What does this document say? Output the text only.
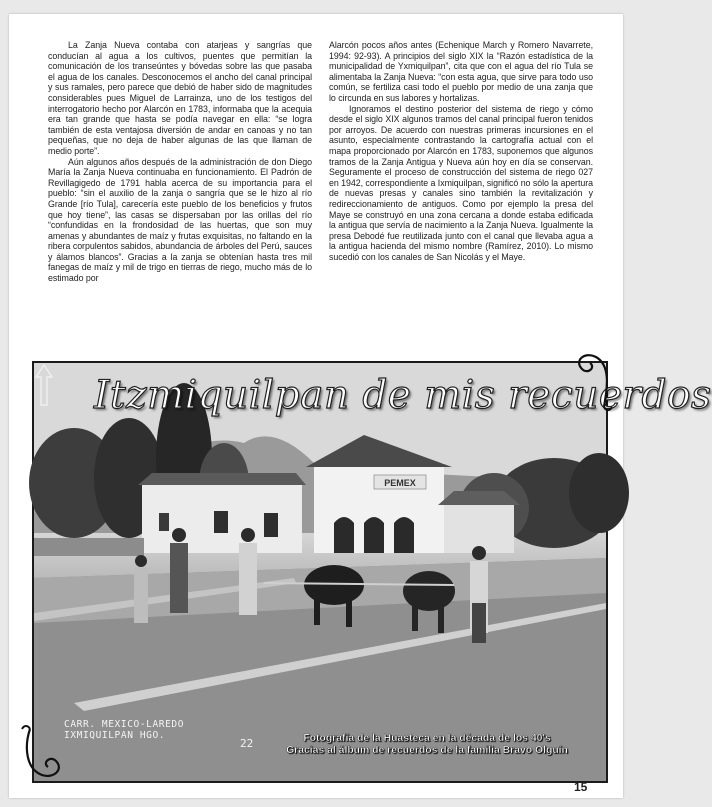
La Zanja Nueva contaba con atarjeas y sangrías que conducían al agua a los cultivos, puentes que permitían la comunicación de los transeúntes y bóvedas sobre las que pasaba el agua de los canales. Desconocemos el ancho del canal principal y sus ramales, pero parece que debió de haber sido de magnitudes considerables pues Miguel de Larrainza, uno de los testigos del interrogatorio hecho por Alarcón en 1783, informaba que la acequia era tan grande que hasta se podía navegar en ella: “se logra también de esta ventajosa diversión de andar en canoas y no tan pequeñas, que no deja de haber algunas de las que llaman de medio porte”.

Aún algunos años después de la administración de don Diego María la Zanja Nueva continuaba en funcionamiento. El Padrón de Revillagigedo de 1791 habla acerca de su importancia para el pueblo: “sin el auxilio de la zanja o sangría que se le hizo al río Grande [río Tula], carecería este pueblo de los beneficios y frutos que hoy tiene”, las casas se dispersaban por las orillas del río “confundidas en la frondosidad de las huertas, que son muy amenas y abundantes de maíz y frutas exquisitas, no faltando en la ribera corpulentos sabidos, abundancia de árboles del Perú, sauces y álamos blancos”. Gracias a la zanja se obtenían hasta tres mil fanegas de maíz y mil de trigo en tierras de riego, mucho más de lo estimado por

Alarcón pocos años antes (Echenique March y Romero Navarrete, 1994: 92-93). A principios del siglo XIX la “Razón estadística de la municipalidad de Yxmiquilpan”, cita que con el agua del río Tula se alimentaba la Zanja Nueva: “con esta agua, que sirve para todo uso común, se fertiliza casi todo el pueblo por medio de una zanja que lo circunda en sus labores y hortalizas.

Ignoramos el destino posterior del sistema de riego y cómo desde el siglo XIX algunos tramos del canal principal fueron tenidos por arroyos. De acuerdo con nuestras primeras incursiones en el asunto, especialmente contrastando la cartografía actual con el mapa proporcionado por Alarcón en 1783, suponemos que algunos tramos de la Zanja Antigua y Nueva aún hoy en día se conservan. Seguramente el proceso de construcción del sistema de riego 027 en 1942, correspondiente a Ixmiquilpan, significó no sólo la apertura de nuevas presas y canales sino también la revitalización y redireccionamiento de antiguos. Como por ejemplo la presa del Maye se construyó en una zona cercana a donde estaba edificada la antigua que servía de nacimiento a la Zanja Nueva. Igualmente la presa Debodé fue reutilizada junto con el canal que llevaba agua a la antigua hacienda del mismo nombre (Ramírez, 2010). Lo mismo sucedió con los canales de San Nicolás y el Maye.

PEMEX
Itzmiquilpan de mis recuerdos
CARR. MEXICO-LAREDO
IXMIQUILPAN HGO.
22	Fotografía de la Huasteca en la década de los 40's
Gracias al álbum de recuerdos de la familia Bravo Olguín
15
